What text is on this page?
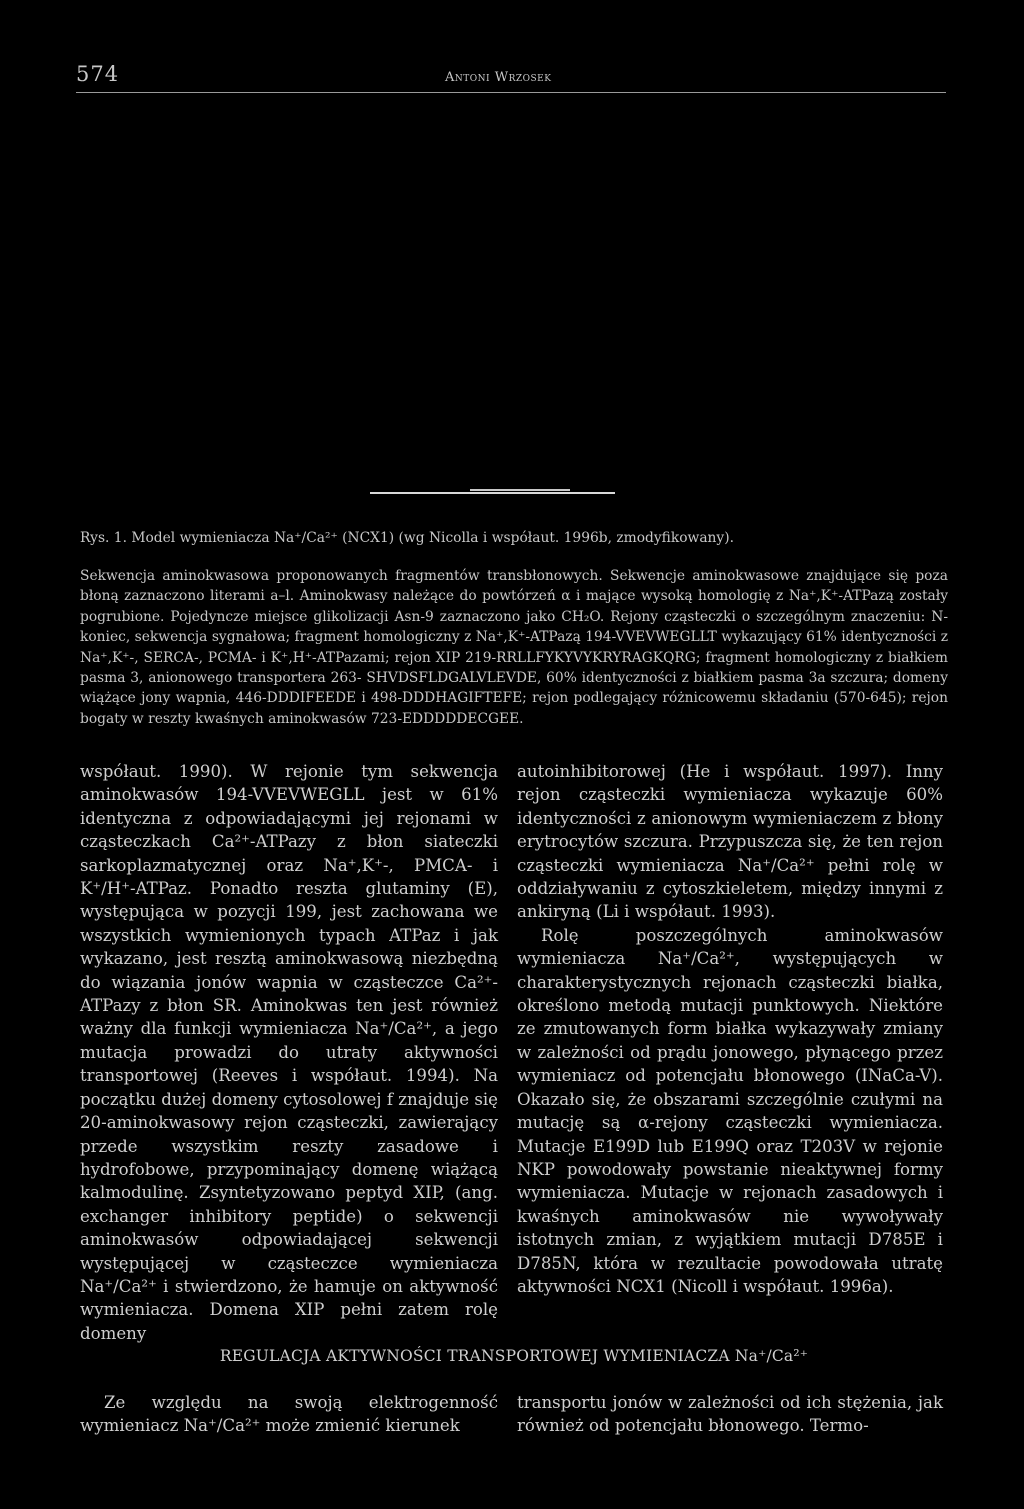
574	Antoni Wrzosek
Rys. 1. Model wymieniacza Na⁺/Ca²⁺ (NCX1) (wg Nicolla i współaut. 1996b, zmodyfikowany).
Sekwencja aminokwasowa proponowanych fragmentów transbłonowych. Sekwencje aminokwasowe znajdujące się poza błoną zaznaczono literami a–l. Aminokwasy należące do powtórzeń α i mające wysoką homologię z Na⁺,K⁺-ATPazą zostały pogrubione. Pojedyncze miejsce glikolizacji Asn-9 zaznaczono jako CH₂O. Rejony cząsteczki o szczególnym znaczeniu: N-koniec, sekwencja sygnałowa; fragment homologiczny z Na⁺,K⁺-ATPazą 194-VVEVWEGLLT wykazujący 61% identyczności z Na⁺,K⁺-, SERCA-, PCMA- i K⁺,H⁺-ATPazami; rejon XIP 219-RRLLFYKYVYKRYRAGKQRG; fragment homologiczny z białkiem pasma 3, anionowego transportera 263- SHVDSFLDGALVLEVDE, 60% identyczności z białkiem pasma 3a szczura; domeny wiążące jony wapnia, 446-DDDIFEEDE i 498-DDDHAGIFTEFE; rejon podlegający różnicowemu składaniu (570-645); rejon bogaty w reszty kwaśnych aminokwasów 723-EDDDDDECGEE.

współaut. 1990). W rejonie tym sekwencja aminokwasów 194-VVEVWEGLL jest w 61% identyczna z odpowiadającymi jej rejonami w cząsteczkach Ca²⁺-ATPazy z błon siateczki sarkoplazmatycznej oraz Na⁺,K⁺-, PMCA- i K⁺/H⁺-ATPaz. Ponadto reszta glutaminy (E), występująca w pozycji 199, jest zachowana we wszystkich wymienionych typach ATPaz i jak wykazano, jest resztą aminokwasową niezbędną do wiązania jonów wapnia w cząsteczce Ca²⁺-ATPazy z błon SR. Aminokwas ten jest również ważny dla funkcji wymieniacza Na⁺/Ca²⁺, a jego mutacja prowadzi do utraty aktywności transportowej (Reeves i współaut. 1994). Na początku dużej domeny cytosolowej f znajduje się 20-aminokwasowy rejon cząsteczki, zawierający przede wszystkim reszty zasadowe i hydrofobowe, przypominający domenę wiążącą kalmodulinę. Zsyntetyzowano peptyd XIP, (ang. exchanger inhibitory peptide) o sekwencji aminokwasów odpowiadającej sekwencji występującej w cząsteczce wymieniacza Na⁺/Ca²⁺ i stwierdzono, że hamuje on aktywność wymieniacza. Domena XIP pełni zatem rolę domeny

autoinhibitorowej (He i współaut. 1997). Inny rejon cząsteczki wymieniacza wykazuje 60% identyczności z anionowym wymieniaczem z błony erytrocytów szczura. Przypuszcza się, że ten rejon cząsteczki wymieniacza Na⁺/Ca²⁺ pełni rolę w oddziaływaniu z cytoszkieletem, między innymi z ankiryną (Li i współaut. 1993).

Rolę poszczególnych aminokwasów wymieniacza Na⁺/Ca²⁺, występujących w charakterystycznych rejonach cząsteczki białka, określono metodą mutacji punktowych. Niektóre ze zmutowanych form białka wykazywały zmiany w zależności od prądu jonowego, płynącego przez wymieniacz od potencjału błonowego (INaCa-V). Okazało się, że obszarami szczególnie czułymi na mutację są α-rejony cząsteczki wymieniacza. Mutacje E199D lub E199Q oraz T203V w rejonie NKP powodowały powstanie nieaktywnej formy wymieniacza. Mutacje w rejonach zasadowych i kwaśnych aminokwasów nie wywoływały istotnych zmian, z wyjątkiem mutacji D785E i D785N, która w rezultacie powodowała utratę aktywności NCX1 (Nicoll i współaut. 1996a).

REGULACJA AKTYWNOŚCI TRANSPORTOWEJ WYMIENIACZA Na⁺/Ca²⁺

Ze względu na swoją elektrogenność wymieniacz Na⁺/Ca²⁺ może zmienić kierunek

transportu jonów w zależności od ich stężenia, jak również od potencjału błonowego. Termo-
